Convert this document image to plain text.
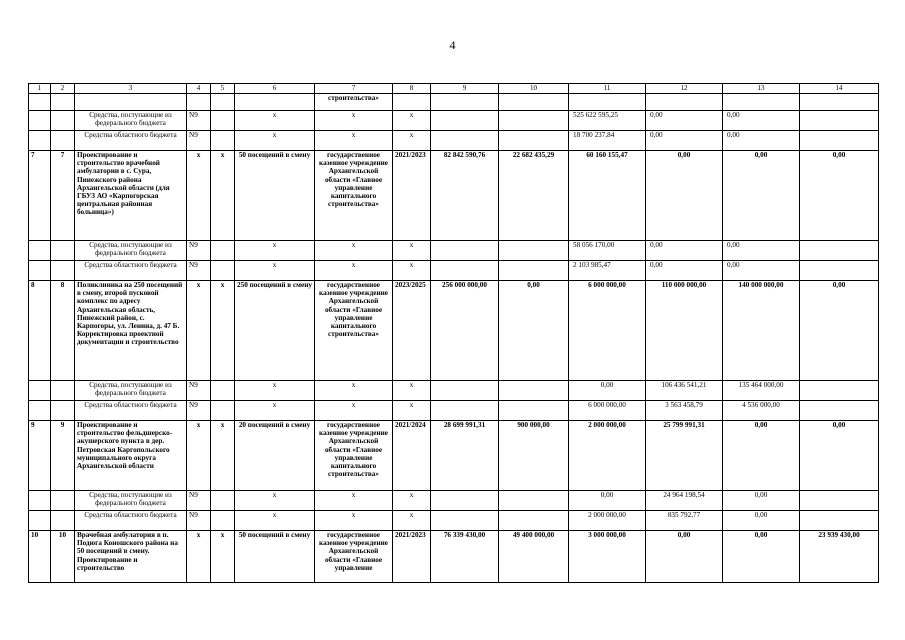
4
1	2	3	4	5	6	7	8	9	10	11	12	13	14
						строительства»							
		Средства, поступающие из федерального бюджета	N9		x	x	x			525 622 595,25	0,00	0,00	
		Средства областного бюджета	N9		x	x	x			18 700 237,84	0,00	0,00	
7	7	Проектирование и строительство врачебной амбулатории в с. Сура, Пинежского района Архангельской области (для ГБУЗ АО «Карпогорская центральная районная больница»)	x	x	50 посещений в смену	государственное казенное учреждение Архангельской области «Главное управление капитального строительства»	2021/2023	82 842 590,76	22 682 435,29	60 160 155,47	0,00	0,00	0,00
		Средства, поступающие из федерального бюджета	N9		x	x	x			58 056 170,00	0,00	0,00	
		Средства областного бюджета	N9		x	x	x			2 103 985,47	0,00	0,00	
8	8	Поликлиника на 250 посещений в смену, второй пусковой комплекс по адресу Архангельская область, Пинежский район, с. Карпогоры, ул. Ленина, д. 47 Б. Корректировка проектной документации и строительство	x	x	250 посещений в смену	государственное казенное учреждение Архангельской области «Главное управление капитального строительства»	2023/2025	256 000 000,00	0,00	6 000 000,00	110 000 000,00	140 000 000,00	0,00
		Средства, поступающие из федерального бюджета	N9		x	x	x			0,00	106 436 541,21	135 464 000,00	
		Средства областного бюджета	N9		x	x	x			6 000 000,00	3 563 458,79	4 536 000,00	
9	9	Проектирование и строительство фельдшерско-акушерского пункта в дер. Петровская Каргопольского муниципального округа Архангельской области	x	x	20 посещений в смену	государственное казенное учреждение Архангельской области «Главное управление капитального строительства»	2021/2024	28 699 991,31	900 000,00	2 000 000,00	25 799 991,31	0,00	0,00
		Средства, поступающие из федерального бюджета	N9		x	x	x			0,00	24 964 198,54	0,00	
		Средства областного бюджета	N9		x	x	x			2 000 000,00	835 792,77	0,00	
10	10	Врачебная амбулатория в п. Подюга Коношского района на 50 посещений в смену. Проектирование и строительство	x	x	50 посещений в смену	государственное казенное учреждение Архангельской области «Главное управление	2021/2023	76 339 430,00	49 400 000,00	3 000 000,00	0,00	0,00	23 939 430,00
